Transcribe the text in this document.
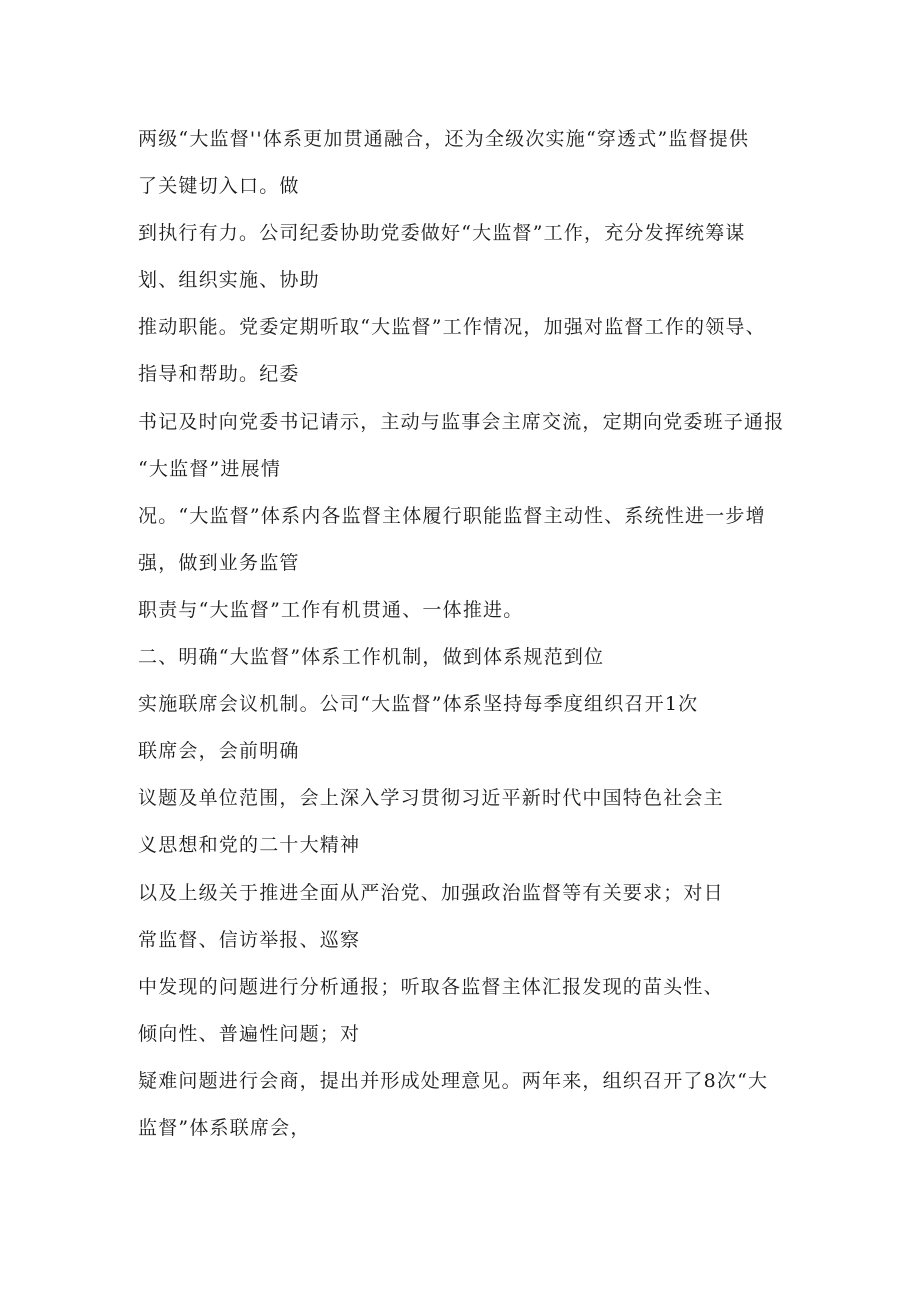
两级“大监督''体系更加贯通融合，还为全级次实施“穿透式”监督提供
了关键切入口。做
到执行有力。公司纪委协助党委做好“大监督”工作，充分发挥统筹谋
划、组织实施、协助
推动职能。党委定期听取“大监督”工作情况，加强对监督工作的领导、
指导和帮助。纪委
书记及时向党委书记请示，主动与监事会主席交流，定期向党委班子通报
“大监督”进展情
况。“大监督”体系内各监督主体履行职能监督主动性、系统性进一步增
强，做到业务监管
职责与“大监督”工作有机贯通、一体推进。
二、明确“大监督”体系工作机制，做到体系规范到位
实施联席会议机制。公司“大监督”体系坚持每季度组织召开1次
联席会，会前明确
议题及单位范围，会上深入学习贯彻习近平新时代中国特色社会主
义思想和党的二十大精神
以及上级关于推进全面从严治党、加强政治监督等有关要求；对日
常监督、信访举报、巡察
中发现的问题进行分析通报；听取各监督主体汇报发现的苗头性、
倾向性、普遍性问题；对
疑难问题进行会商，提出并形成处理意见。两年来，组织召开了8次“大
监督”体系联席会，
